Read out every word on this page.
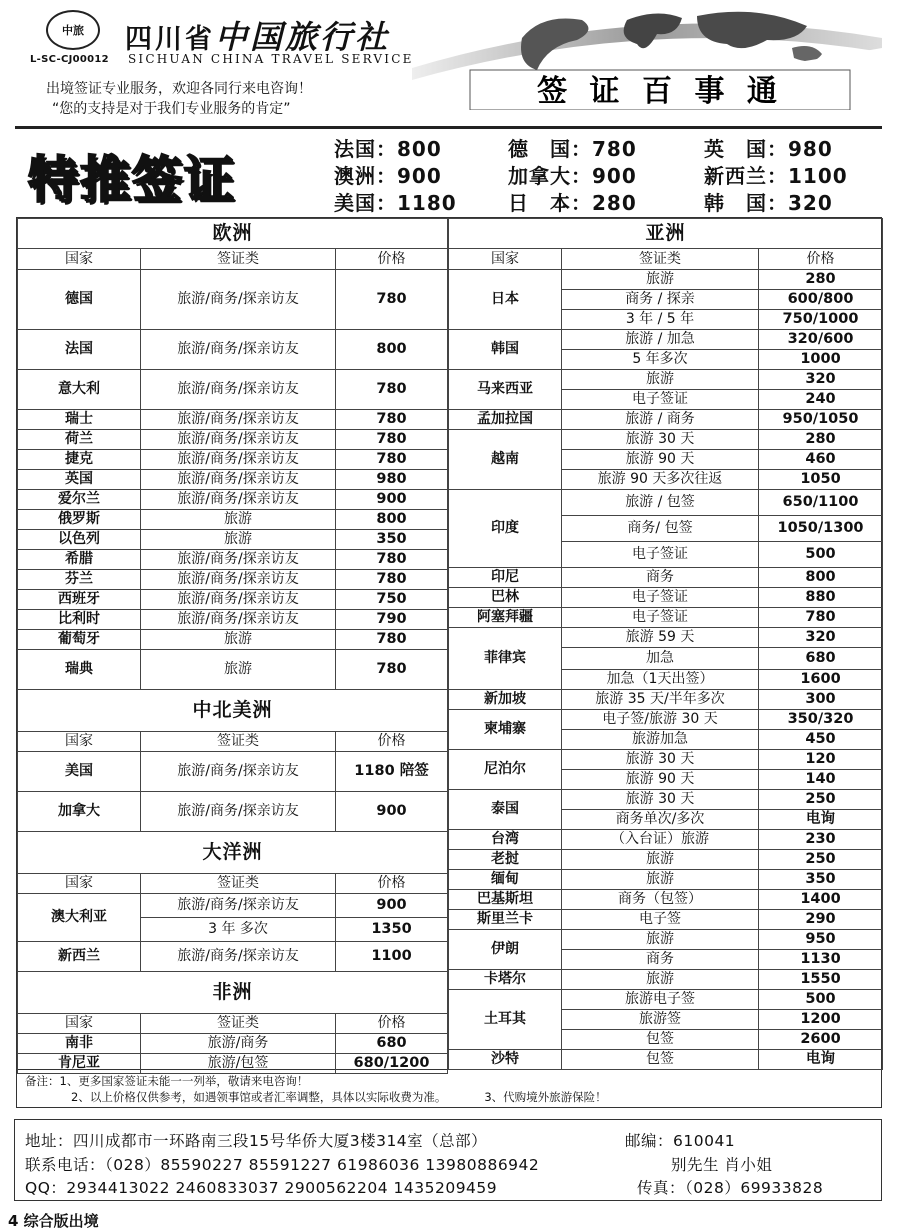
中旅
L-SC-CJ00012
四川省中国旅行社
SICHUAN CHINA TRAVEL SERVICE
出境签证专业服务，欢迎各同行来电咨询！
“您的支持是对于我们专业服务的肯定”	签 证 百 事 通
特推签证
法国：800	德　国：780	英　国：980
澳洲：900	加拿大：900	新西兰：1100
美国：1180	日　本：280	韩　国：320
欧洲		
国家	签证类	价格
德国	旅游/商务/探亲访友	780
法国	旅游/商务/探亲访友	800
意大利	旅游/商务/探亲访友	780
瑞士	旅游/商务/探亲访友	780
荷兰	旅游/商务/探亲访友	780
捷克	旅游/商务/探亲访友	780
英国	旅游/商务/探亲访友	980
爱尔兰	旅游/商务/探亲访友	900
俄罗斯	旅游	800
以色列	旅游	350
希腊	旅游/商务/探亲访友	780
芬兰	旅游/商务/探亲访友	780
西班牙	旅游/商务/探亲访友	750
比利时	旅游/商务/探亲访友	790
葡萄牙	旅游	780
瑞典	旅游	780
中北美洲		
国家	签证类	价格
美国	旅游/商务/探亲访友	1180 陪签
加拿大	旅游/商务/探亲访友	900
大洋洲		
国家	签证类	价格
澳大利亚	旅游/商务/探亲访友	900
	3 年 多次	1350
新西兰	旅游/商务/探亲访友	1100
非洲		
国家	签证类	价格
南非	旅游/商务	680
肯尼亚	旅游/包签	680/1200
亚洲		
国家	签证类	价格
日本	旅游	280
	商务 / 探亲	600/800
	3 年 / 5 年	750/1000
韩国	旅游 / 加急	320/600
	5 年多次	1000
马来西亚	旅游	320
	电子签证	240
孟加拉国	旅游 / 商务	950/1050
越南	旅游 30 天	280
	旅游 90 天	460
	旅游 90 天多次往返	1050
印度	旅游 / 包签	650/1100
	商务/ 包签	1050/1300
	电子签证	500
印尼	商务	800
巴林	电子签证	880
阿塞拜疆	电子签证	780
菲律宾	旅游 59 天	320
	加急	680
	加急（1天出签）	1600
新加坡	旅游 35 天/半年多次	300
柬埔寨	电子签/旅游 30 天	350/320
	旅游加急	450
尼泊尔	旅游 30 天	120
	旅游 90 天	140
泰国	旅游 30 天	250
	商务单次/多次	电询
台湾	（入台证）旅游	230
老挝	旅游	250
缅甸	旅游	350
巴基斯坦	商务（包签）	1400
斯里兰卡	电子签	290
伊朗	旅游	950
	商务	1130
卡塔尔	旅游	1550
土耳其	旅游电子签	500
	旅游签	1200
	包签	2600
沙特	包签	电询
备注：1、更多国家签证未能一一列举，敬请来电咨询！
2、以上价格仅供参考，如遇领事馆或者汇率调整，具体以实际收费为准。	3、代购境外旅游保险！
地址：四川成都市一环路南三段15号华侨大厦3楼314室（总部）	邮编：610041
联系电话：（028）85590227 85591227 61986036 13980886942	别先生 肖小姐
QQ：2934413022 2460833037 2900562204 1435209459	传真：（028）69933828
4 综合版出境
